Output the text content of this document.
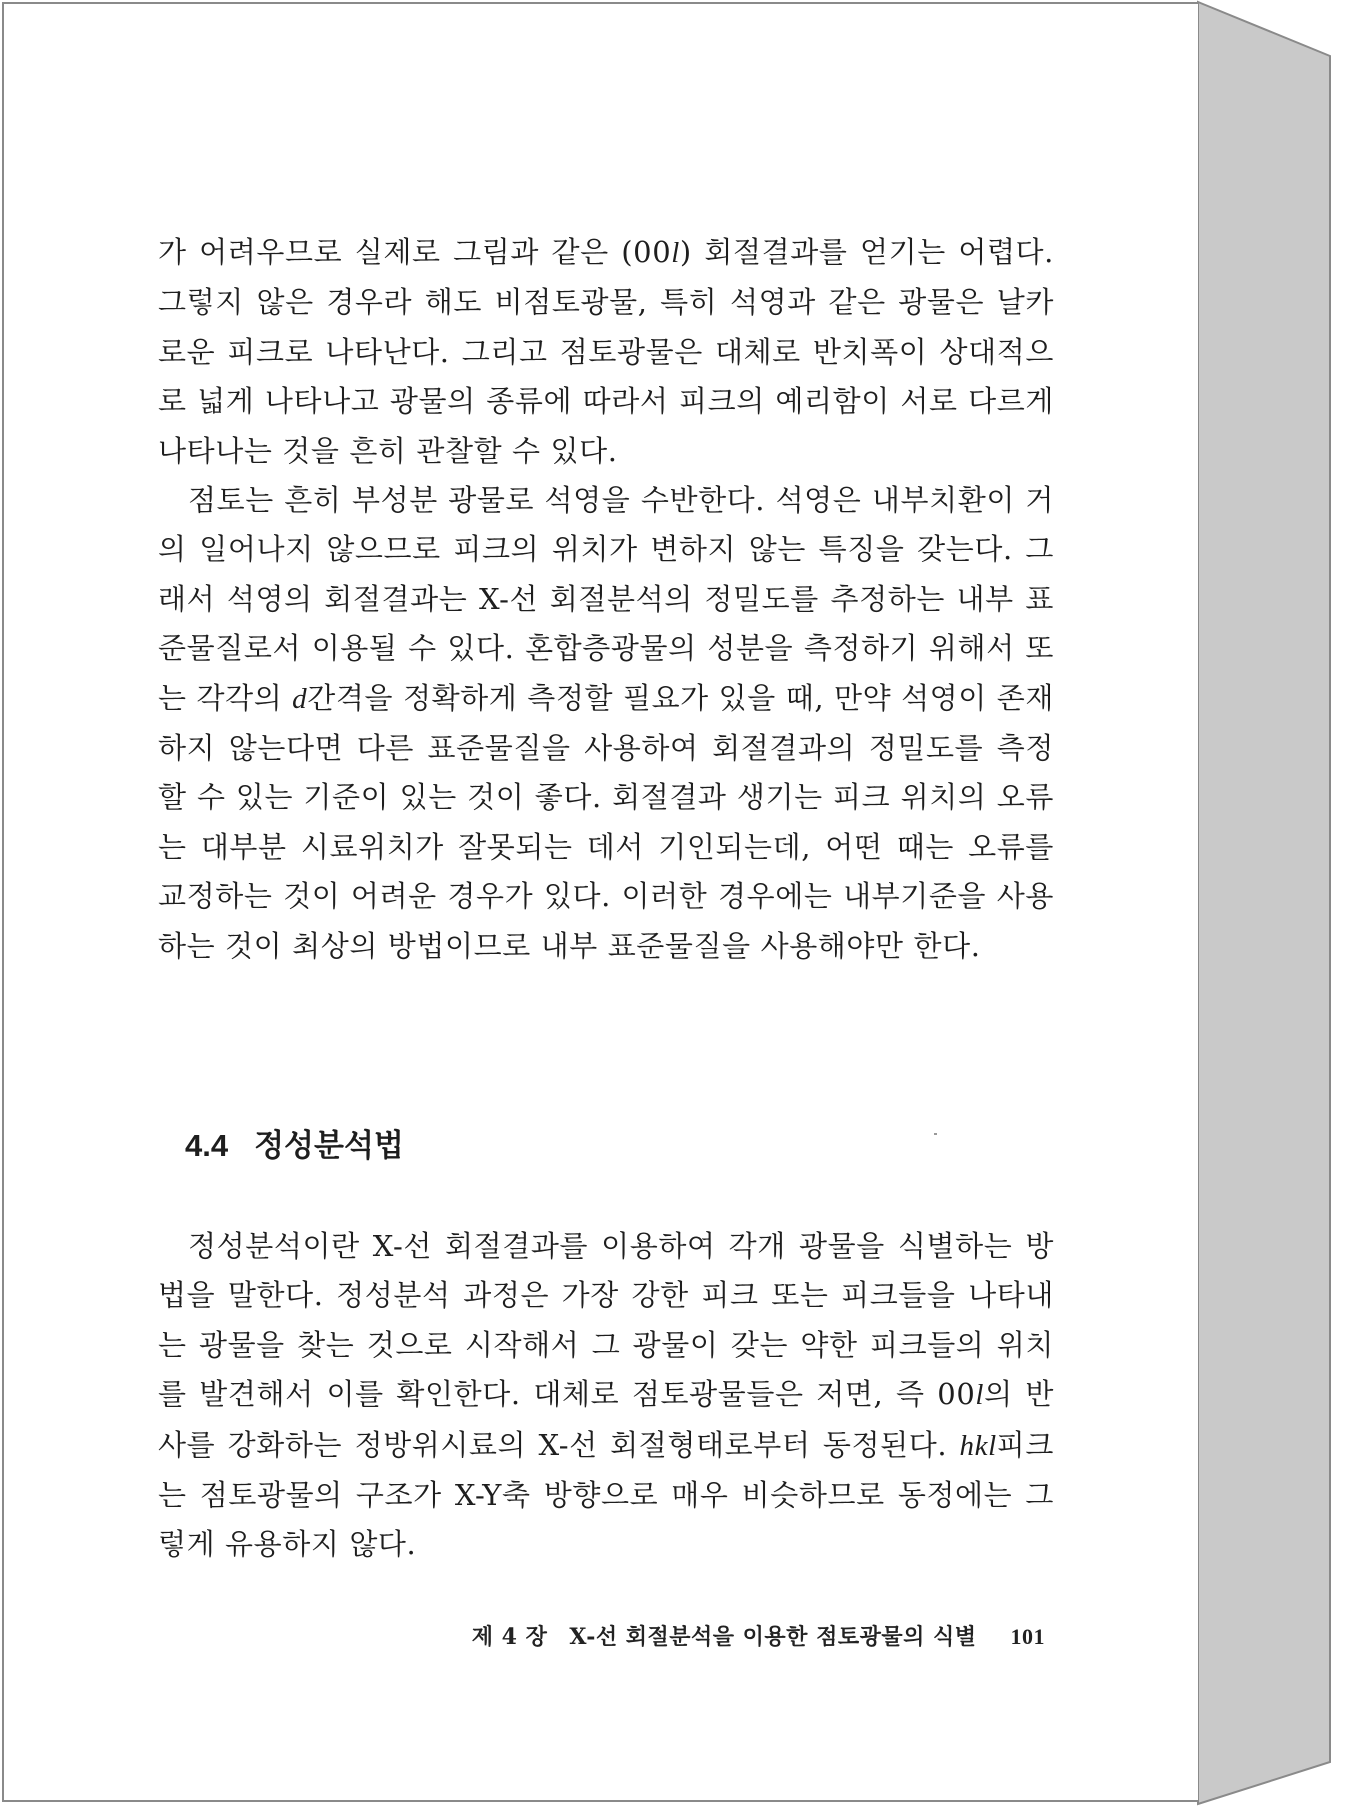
가 어려우므로 실제로 그림과 같은 (00l) 회절결과를 얻기는 어렵다. 그렇지 않은 경우라 해도 비점토광물, 특히 석영과 같은 광물은 날카로운 피크로 나타난다. 그리고 점토광물은 대체로 반치폭이 상대적으로 넓게 나타나고 광물의 종류에 따라서 피크의 예리함이 서로 다르게 나타나는 것을 흔히 관찰할 수 있다.

점토는 흔히 부성분 광물로 석영을 수반한다. 석영은 내부치환이 거의 일어나지 않으므로 피크의 위치가 변하지 않는 특징을 갖는다. 그래서 석영의 회절결과는 X-선 회절분석의 정밀도를 추정하는 내부 표준물질로서 이용될 수 있다. 혼합층광물의 성분을 측정하기 위해서 또는 각각의 d간격을 정확하게 측정할 필요가 있을 때, 만약 석영이 존재하지 않는다면 다른 표준물질을 사용하여 회절결과의 정밀도를 측정할 수 있는 기준이 있는 것이 좋다. 회절결과 생기는 피크 위치의 오류는 대부분 시료위치가 잘못되는 데서 기인되는데, 어떤 때는 오류를 교정하는 것이 어려운 경우가 있다. 이러한 경우에는 내부기준을 사용하는 것이 최상의 방법이므로 내부 표준물질을 사용해야만 한다.

4.4 정성분석법

정성분석이란 X-선 회절결과를 이용하여 각개 광물을 식별하는 방법을 말한다. 정성분석 과정은 가장 강한 피크 또는 피크들을 나타내는 광물을 찾는 것으로 시작해서 그 광물이 갖는 약한 피크들의 위치를 발견해서 이를 확인한다. 대체로 점토광물들은 저면, 즉 00l의 반사를 강화하는 정방위시료의 X-선 회절형태로부터 동정된다. hkl피크는 점토광물의 구조가 X-Y축 방향으로 매우 비슷하므로 동정에는 그렇게 유용하지 않다.

제 4 장 X-선 회절분석을 이용한 점토광물의 식별 101
